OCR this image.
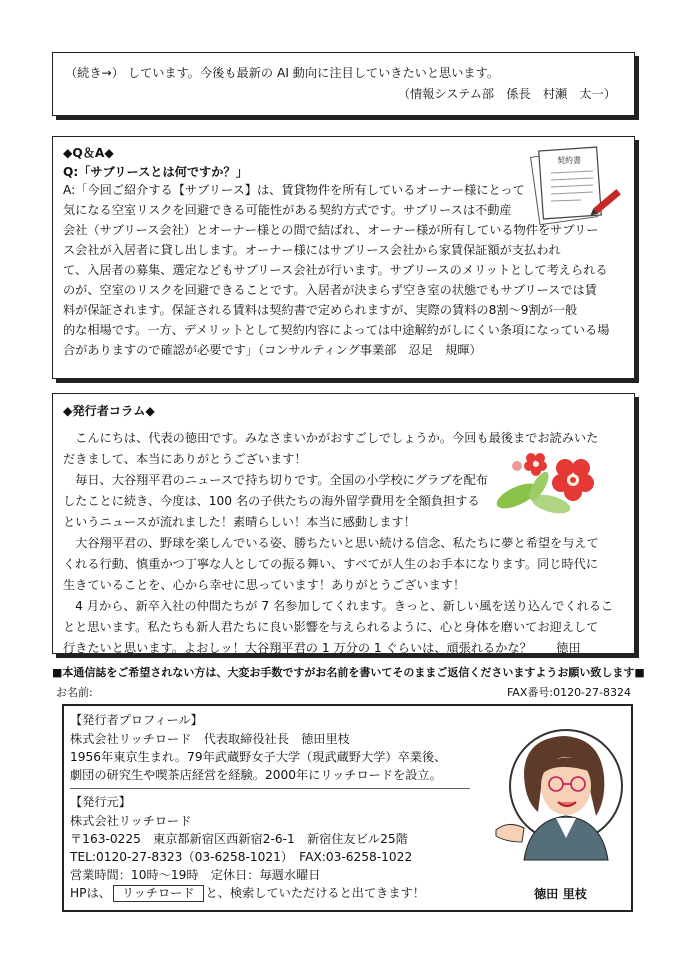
（続き→） しています。今後も最新の AI 動向に注目していきたいと思います。
（情報システム部　係長　村瀬　太一）
◆Q＆A◆
Q:「サブリースとは何ですか？」
A:「今回ご紹介する【サブリース】は、賃貸物件を所有しているオーナー様にとって
気になる空室リスクを回避できる可能性がある契約方式です。サブリースは不動産
会社（サブリース会社）とオーナー様との間で結ばれ、オーナー様が所有している物件をサブリー
ス会社が入居者に貸し出します。オーナー様にはサブリース会社から家賃保証額が支払われ
て、入居者の募集、選定などもサブリース会社が行います。サブリースのメリットとして考えられる
のが、空室のリスクを回避できることです。入居者が決まらず空き室の状態でもサブリースでは賃
料が保証されます。保証される賃料は契約書で定められますが、実際の賃料の8割～9割が一般
的な相場です。一方、デメリットとして契約内容によっては中途解約がしにくい条項になっている場
合がありますので確認が必要です」（コンサルティング事業部　忍足　規暉）
契約書
◆発行者コラム◆
　こんにちは、代表の徳田です。みなさまいかがおすごしでしょうか。今回も最後までお読みいた
だきまして、本当にありがとうございます！
　毎日、大谷翔平君のニュースで持ち切りです。全国の小学校にグラブを配布
したことに続き、今度は、100 名の子供たちの海外留学費用を全額負担する
というニュースが流れました！素晴らしい！本当に感動します！
　大谷翔平君の、野球を楽しんでいる姿、勝ちたいと思い続ける信念、私たちに夢と希望を与えて
くれる行動、慎重かつ丁寧な人としての振る舞い、すべてが人生のお手本になります。同じ時代に
生きていることを、心から幸せに思っています！ありがとうございます！
　4 月から、新卒入社の仲間たちが 7 名参加してくれます。きっと、新しい風を送り込んでくれるこ
とと思います。私たちも新人君たちに良い影響を与えられるように、心と身体を磨いてお迎えして
行きたいと思います。よおしッ！大谷翔平君の 1 万分の 1 ぐらいは、頑張れるかな？　　徳田
■本通信誌をご希望されない方は、大変お手数ですがお名前を書いてそのままご返信くださいますようお願い致します■
お名前:	FAX番号:0120-27-8324
【発行者プロフィール】
株式会社リッチロード　代表取締役社長　徳田里枝
1956年東京生まれ。79年武蔵野女子大学（現武蔵野大学）卒業後、
劇団の研究生や喫茶店経営を経験。2000年にリッチロードを設立。
【発行元】
株式会社リッチロード
〒163-0225　東京都新宿区西新宿2-6-1　新宿住友ビル25階
TEL:0120-27-8323（03-6258-1021）　FAX:03-6258-1022
営業時間：10時～19時　定休日：毎週水曜日
HPは、 リッチロード と、検索していただけると出てきます！	徳田 里枝
